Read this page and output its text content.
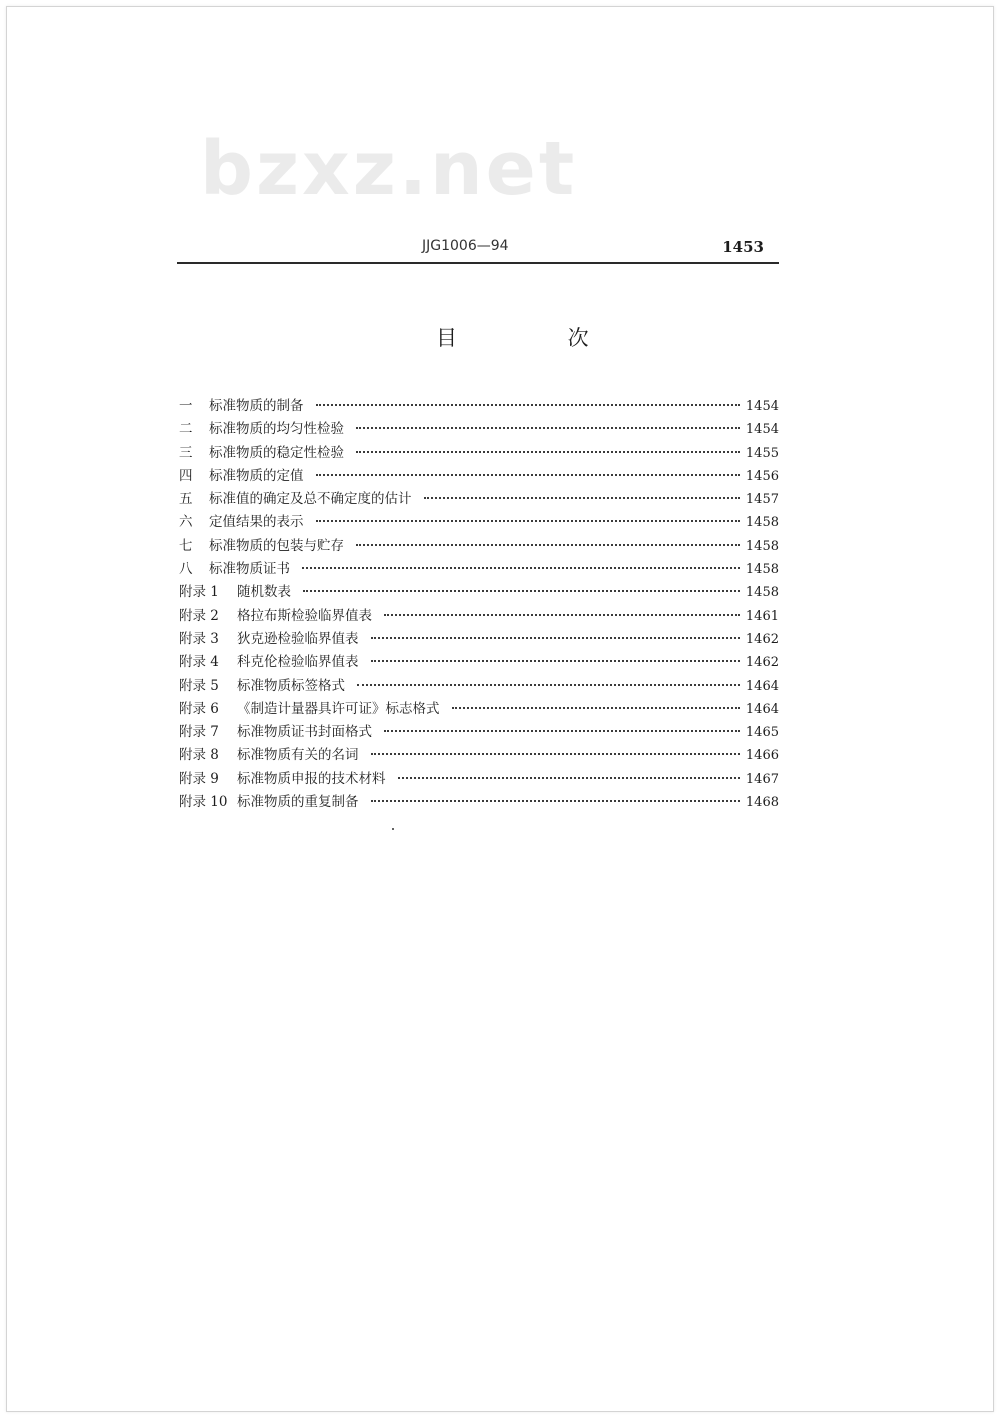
bzxz.net
JJG1006—94	1453
目 次
一	标准物质的制备	1454
二	标准物质的均匀性检验	1454
三	标准物质的稳定性检验	1455
四	标准物质的定值	1456
五	标准值的确定及总不确定度的估计	1457
六	定值结果的表示	1458
七	标准物质的包装与贮存	1458
八	标准物质证书	1458
附录 1	随机数表	1458
附录 2	格拉布斯检验临界值表	1461
附录 3	狄克逊检验临界值表	1462
附录 4	科克伦检验临界值表	1462
附录 5	标准物质标签格式	1464
附录 6	《制造计量器具许可证》标志格式	1464
附录 7	标准物质证书封面格式	1465
附录 8	标准物质有关的名词	1466
附录 9	标准物质申报的技术材料	1467
附录 10 标准物质的重复制备	1468
